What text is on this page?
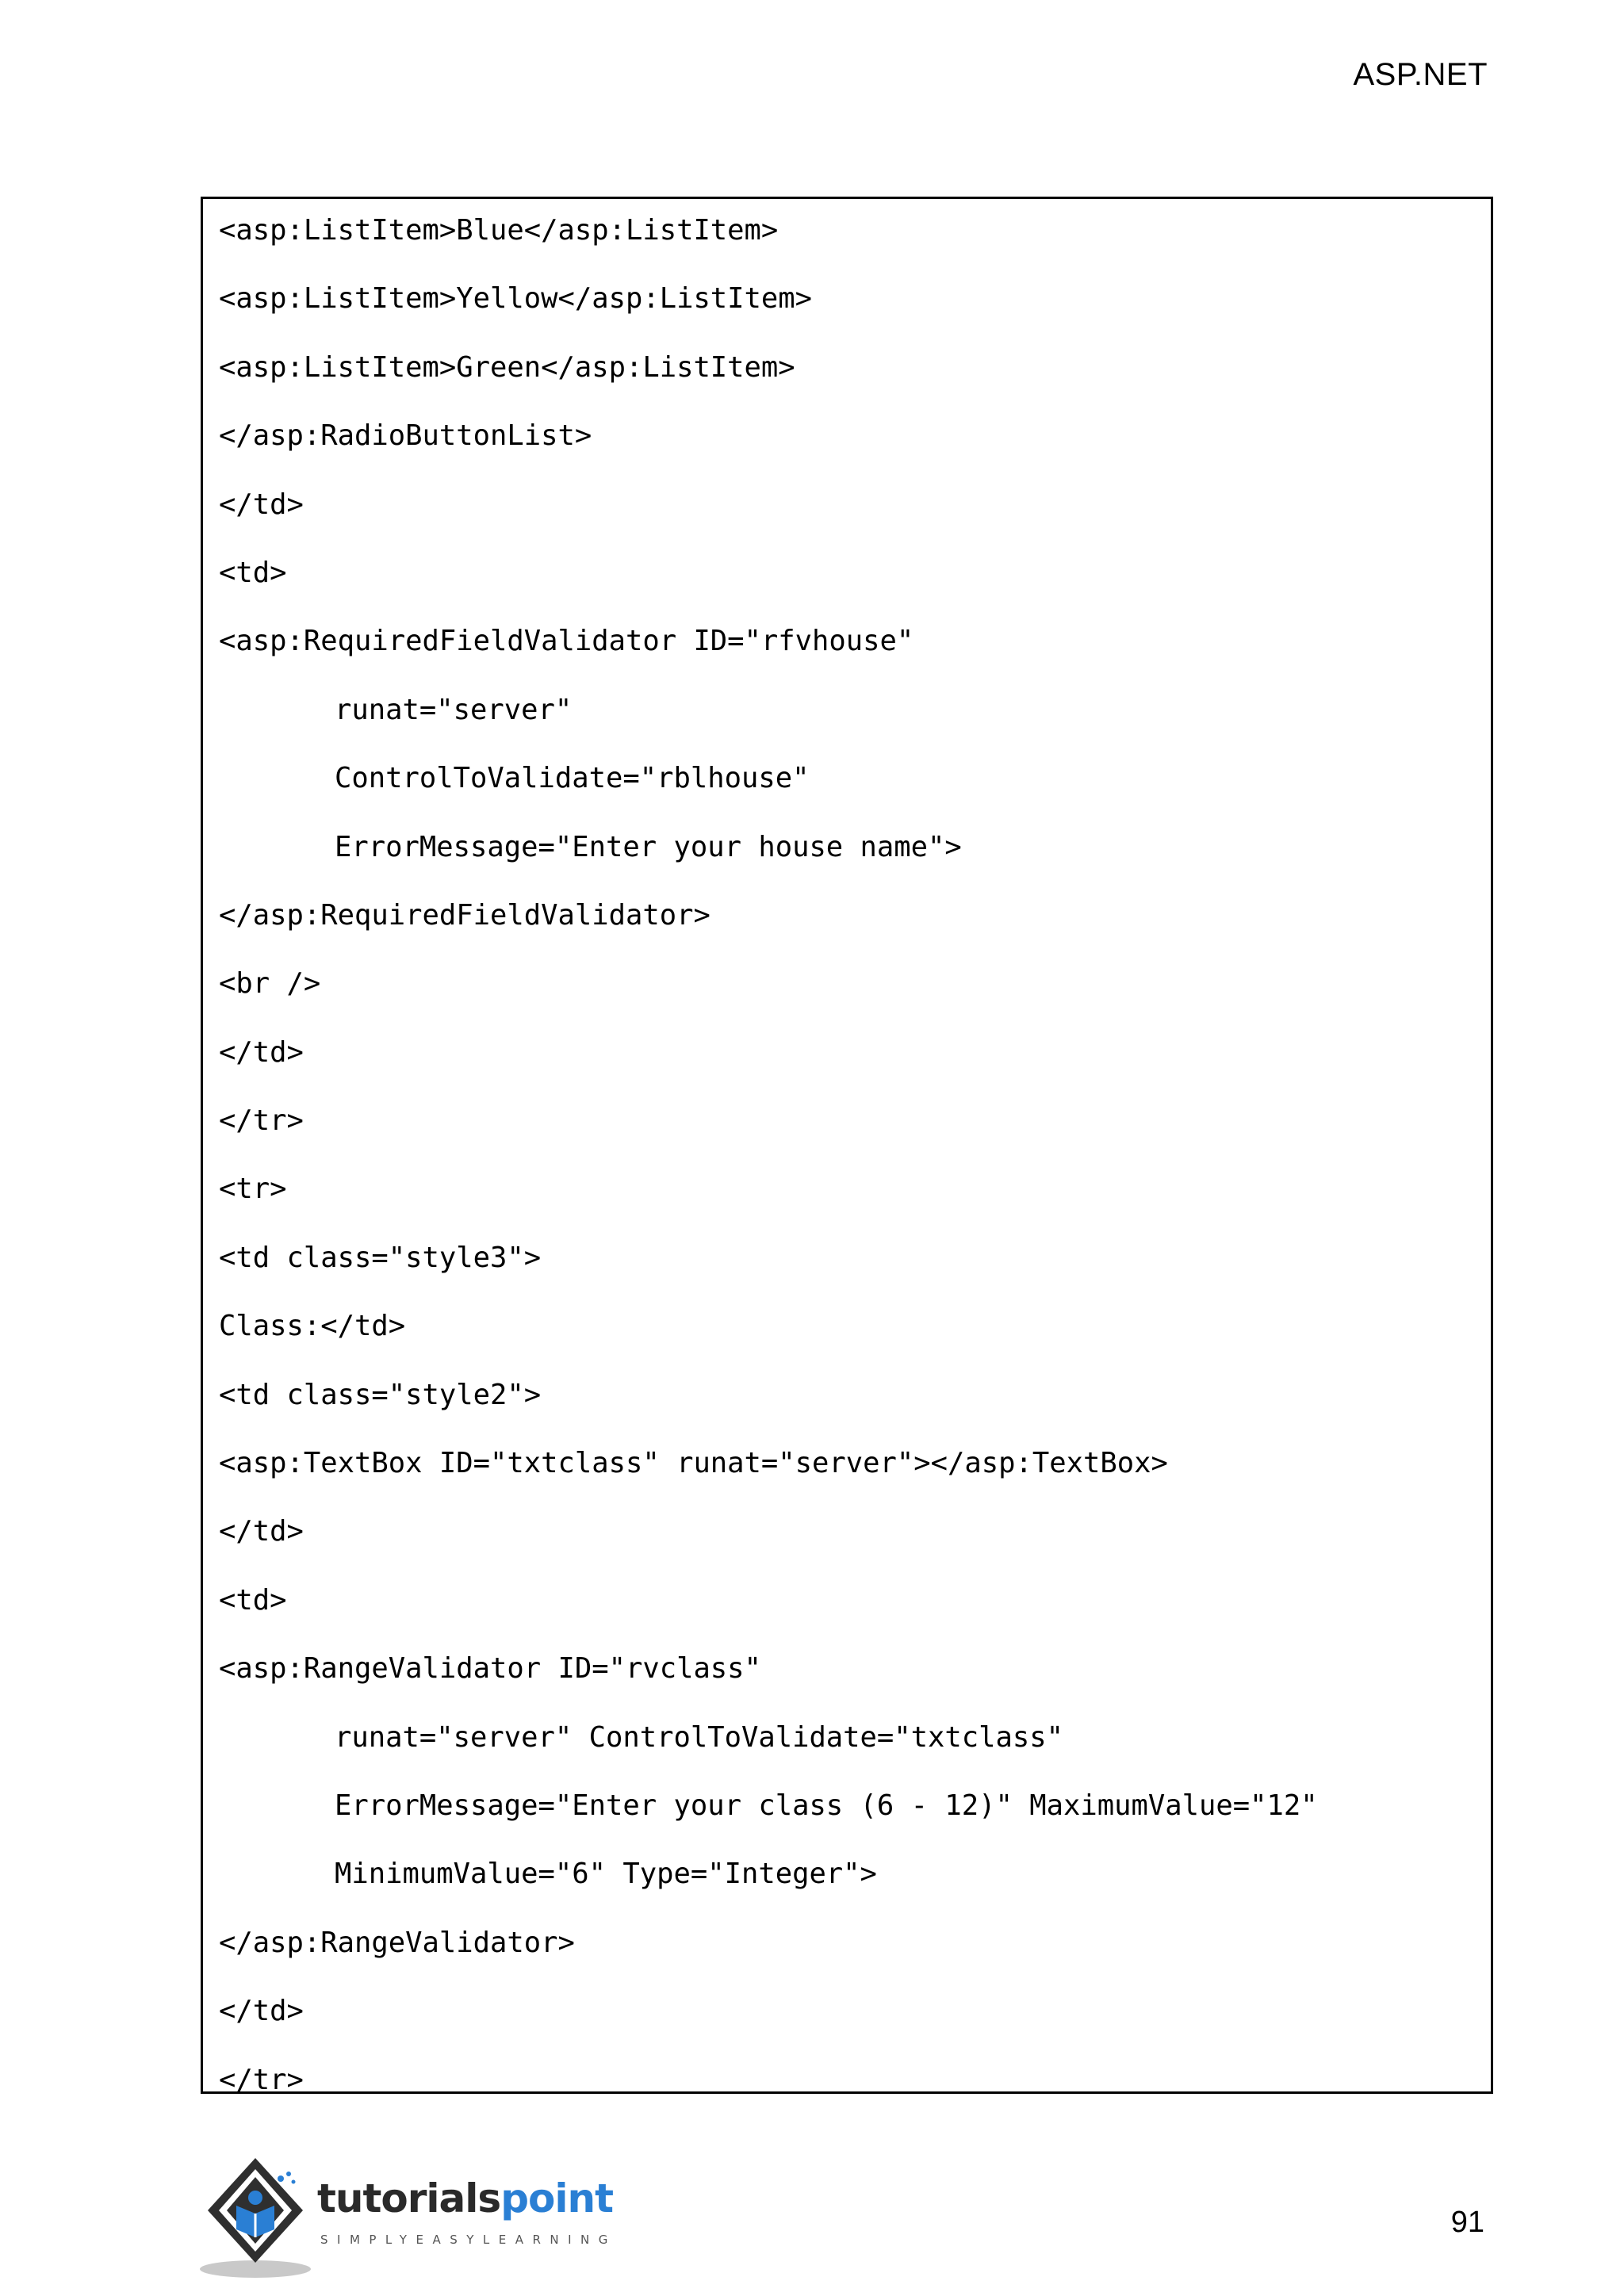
ASP.NET
<asp:ListItem>Blue</asp:ListItem>
<asp:ListItem>Yellow</asp:ListItem>
<asp:ListItem>Green</asp:ListItem>
</asp:RadioButtonList>
</td>
<td>
<asp:RequiredFieldValidator ID="rfvhouse"
runat="server"
ControlToValidate="rblhouse"
ErrorMessage="Enter your house name">
</asp:RequiredFieldValidator>
<br />
</td>
</tr>
<tr>
<td class="style3">
Class:</td>
<td class="style2">
<asp:TextBox ID="txtclass" runat="server"></asp:TextBox>
</td>
<td>
<asp:RangeValidator ID="rvclass"
runat="server" ControlToValidate="txtclass"
ErrorMessage="Enter your class (6 - 12)" MaximumValue="12"
MinimumValue="6" Type="Integer">
</asp:RangeValidator>
</td>
</tr>
tutorialspoint
SIMPLYEASYLEARNING
91
